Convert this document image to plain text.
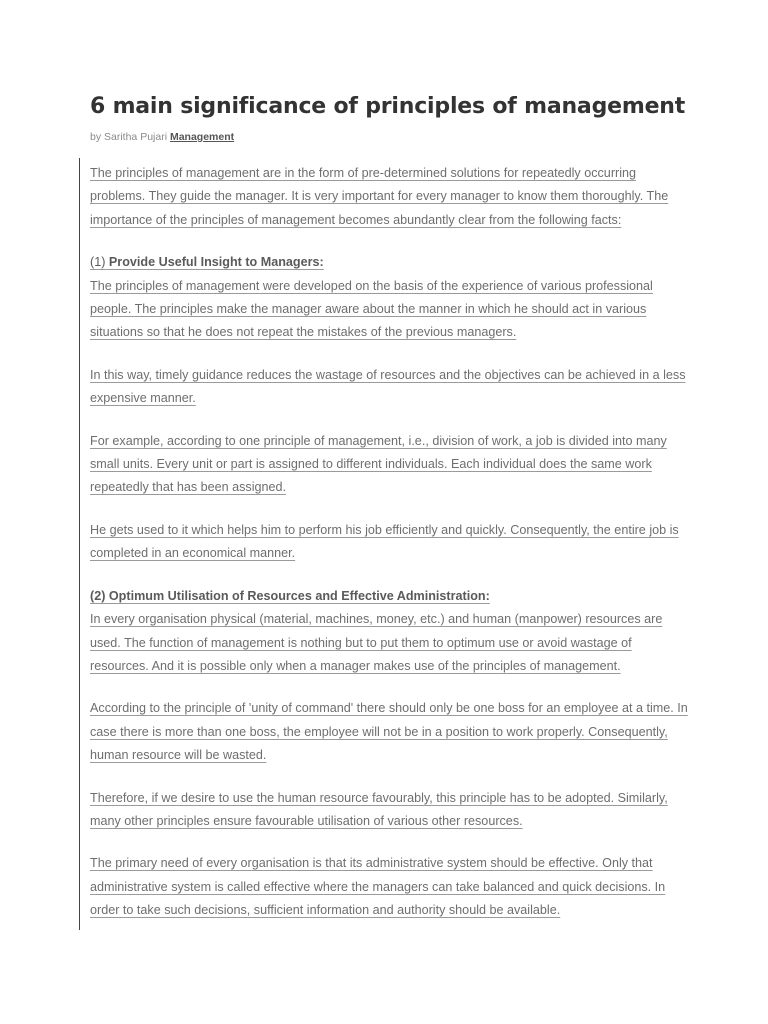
6 main significance of principles of management
by Saritha Pujari Management

The principles of management are in the form of pre-determined solutions for repeatedly occurring problems. They guide the manager. It is very important for every manager to know them thoroughly. The importance of the principles of management becomes abundantly clear from the following facts:

(1) Provide Useful Insight to Managers:
The principles of management were developed on the basis of the experience of various professional people. The principles make the manager aware about the manner in which he should act in various situations so that he does not repeat the mistakes of the previous managers.

In this way, timely guidance reduces the wastage of resources and the objectives can be achieved in a less expensive manner.

For example, according to one principle of management, i.e., division of work, a job is divided into many small units. Every unit or part is assigned to different individuals. Each individual does the same work repeatedly that has been assigned.

He gets used to it which helps him to perform his job efficiently and quickly. Consequently, the entire job is completed in an economical manner.

(2) Optimum Utilisation of Resources and Effective Administration:
In every organisation physical (material, machines, money, etc.) and human (manpower) resources are used. The function of management is nothing but to put them to optimum use or avoid wastage of resources. And it is possible only when a manager makes use of the principles of management.

According to the principle of 'unity of command' there should only be one boss for an employee at a time. In case there is more than one boss, the employee will not be in a position to work properly. Consequently, human resource will be wasted.

Therefore, if we desire to use the human resource favourably, this principle has to be adopted. Similarly, many other principles ensure favourable utilisation of various other resources.

The primary need of every organisation is that its administrative system should be effective. Only that administrative system is called effective where the managers can take balanced and quick decisions. In order to take such decisions, sufficient information and authority should be available.
